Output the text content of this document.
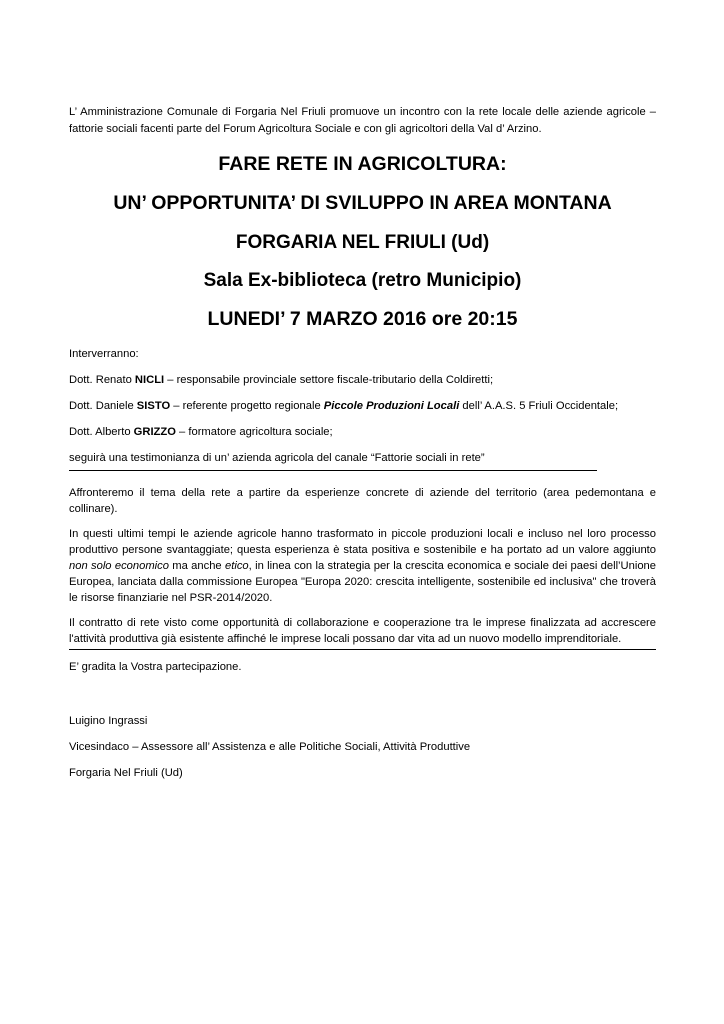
L’ Amministrazione Comunale di Forgaria Nel Friuli promuove un incontro con la rete locale delle aziende agricole – fattorie sociali facenti parte del Forum Agricoltura Sociale e con gli agricoltori della Val d’ Arzino.

FARE RETE IN AGRICOLTURA:

UN’ OPPORTUNITA’ DI SVILUPPO IN AREA MONTANA

FORGARIA NEL FRIULI (Ud)

Sala Ex-biblioteca (retro Municipio)

LUNEDI’ 7 MARZO 2016 ore 20:15

Interverranno:

Dott. Renato NICLI – responsabile provinciale settore fiscale-tributario della Coldiretti;

Dott. Daniele SISTO – referente progetto regionale Piccole Produzioni Locali dell’ A.A.S. 5 Friuli Occidentale;

Dott. Alberto GRIZZO – formatore agricoltura sociale;

seguirà una testimonianza di un’ azienda agricola del canale “Fattorie sociali in rete”

Affronteremo il tema della rete a partire da esperienze concrete di aziende del territorio (area pedemontana e collinare).

In questi ultimi tempi le aziende agricole hanno trasformato in piccole produzioni locali e incluso nel loro processo produttivo persone svantaggiate; questa esperienza è stata positiva e sostenibile e ha portato ad un valore aggiunto non solo economico ma anche etico, in linea con la strategia per la crescita economica e sociale dei paesi dell’Unione Europea, lanciata dalla commissione Europea "Europa 2020: crescita intelligente, sostenibile ed inclusiva" che troverà le risorse finanziarie nel PSR-2014/2020.

Il contratto di rete visto come opportunità di collaborazione e cooperazione tra le imprese finalizzata ad accrescere l'attività produttiva già esistente affinché le imprese locali possano dar vita ad un nuovo modello imprenditoriale.

E’ gradita la Vostra partecipazione.

Luigino Ingrassi

Vicesindaco – Assessore all’ Assistenza e alle Politiche Sociali, Attività Produttive

Forgaria Nel Friuli (Ud)
